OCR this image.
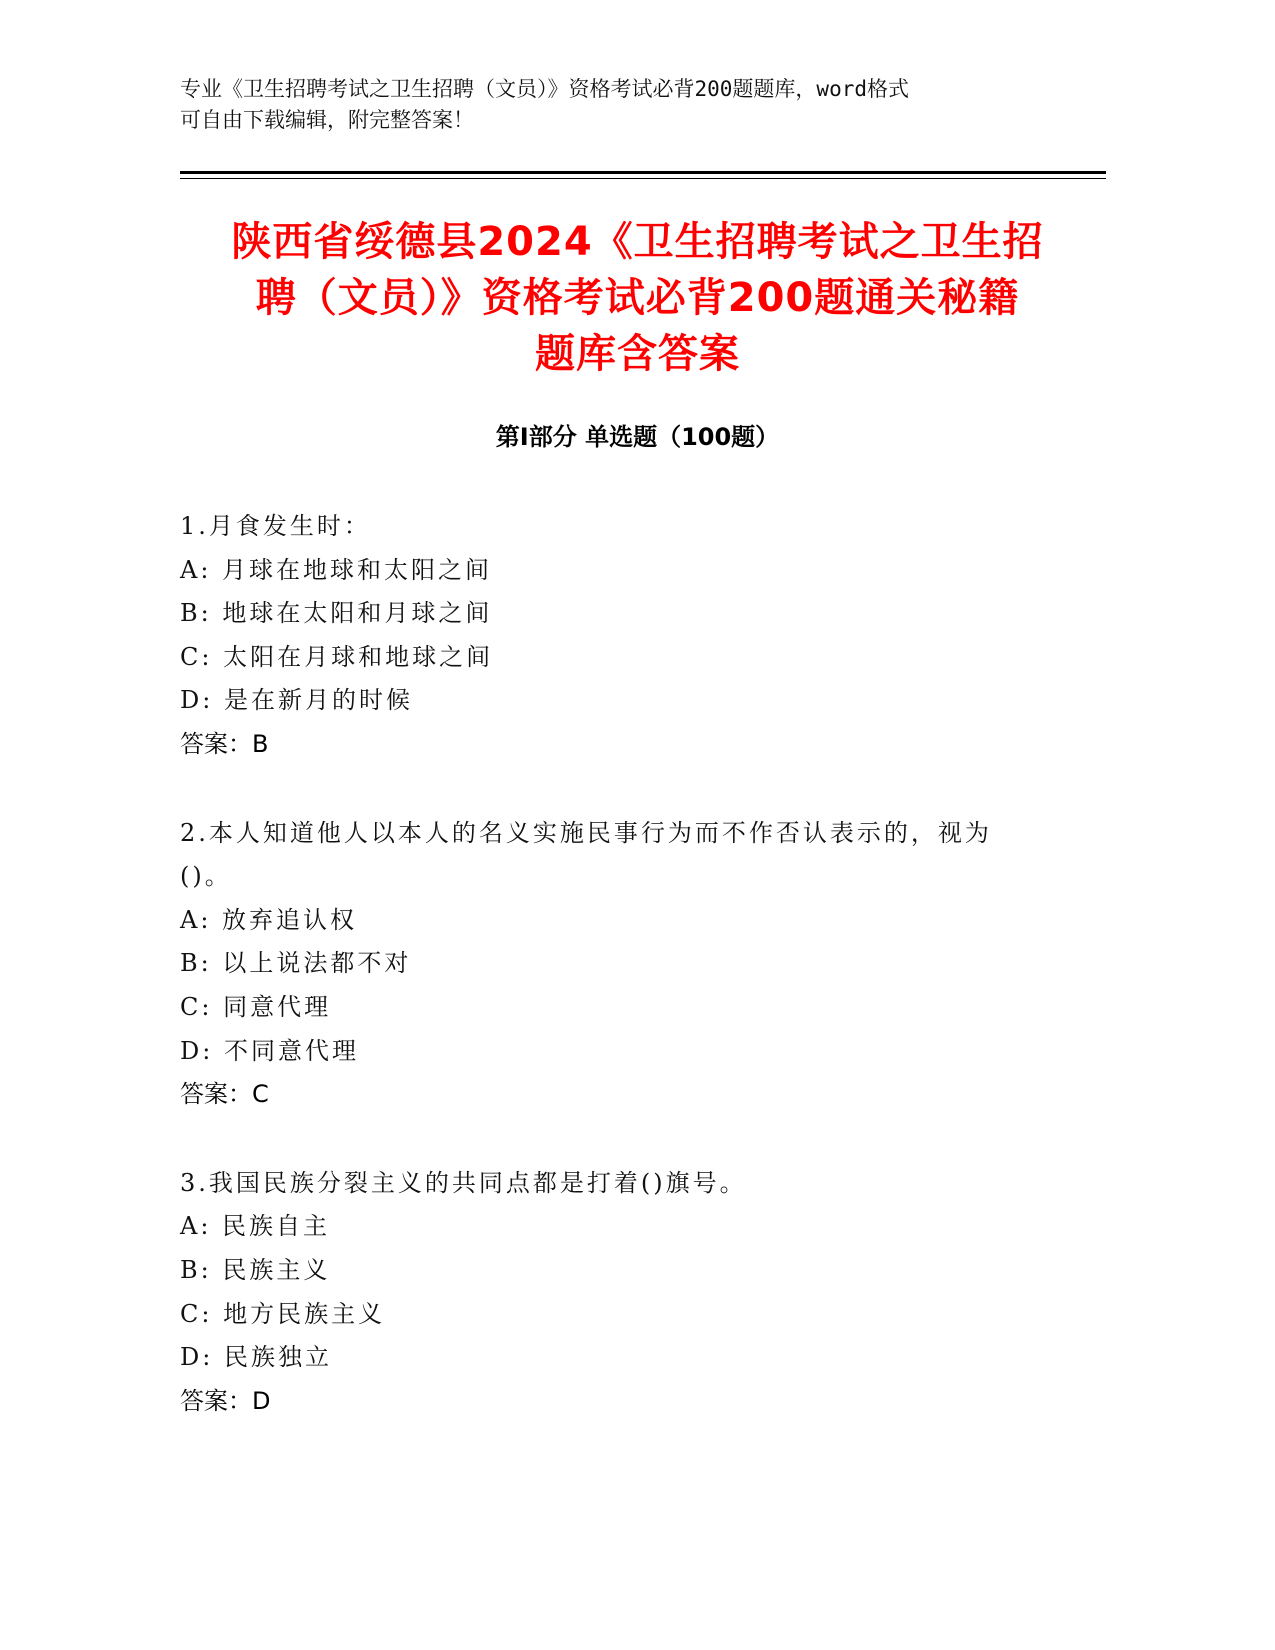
专业《卫生招聘考试之卫生招聘（文员）》资格考试必背200题题库，word格式
可自由下载编辑，附完整答案！
陕西省绥德县2024《卫生招聘考试之卫生招
聘（文员）》资格考试必背200题通关秘籍
题库含答案
第Ⅰ部分 单选题（100题）
1.月食发生时：
A: 月球在地球和太阳之间
B: 地球在太阳和月球之间
C: 太阳在月球和地球之间
D: 是在新月的时候
答案：B
2.本人知道他人以本人的名义实施民事行为而不作否认表示的，视为
()。
A: 放弃追认权
B: 以上说法都不对
C: 同意代理
D: 不同意代理
答案：C
3.我国民族分裂主义的共同点都是打着()旗号。
A: 民族自主
B: 民族主义
C: 地方民族主义
D: 民族独立
答案：D
